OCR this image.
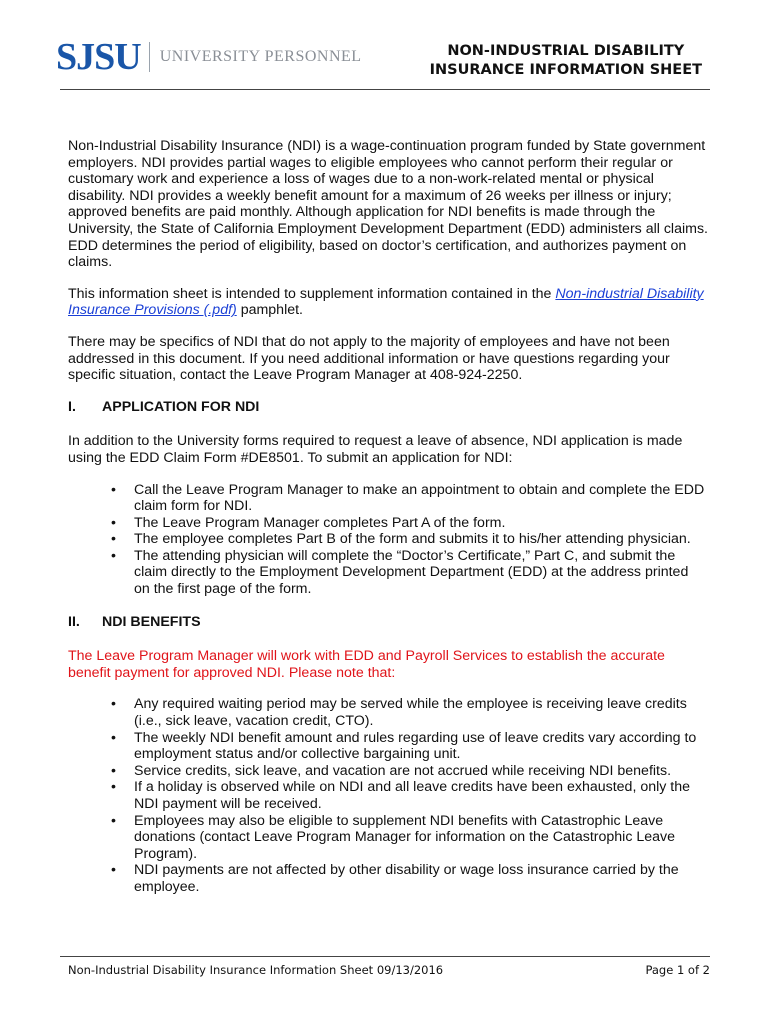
SJSU UNIVERSITY PERSONNEL	NON-INDUSTRIAL DISABILITY
INSURANCE INFORMATION SHEET

Non-Industrial Disability Insurance (NDI) is a wage-continuation program funded by State government employers. NDI provides partial wages to eligible employees who cannot perform their regular or customary work and experience a loss of wages due to a non-work-related mental or physical disability. NDI provides a weekly benefit amount for a maximum of 26 weeks per illness or injury; approved benefits are paid monthly. Although application for NDI benefits is made through the University, the State of California Employment Development Department (EDD) administers all claims. EDD determines the period of eligibility, based on doctor’s certification, and authorizes payment on claims.

This information sheet is intended to supplement information contained in the Non-industrial Disability Insurance Provisions (.pdf) pamphlet.

There may be specifics of NDI that do not apply to the majority of employees and have not been addressed in this document. If you need additional information or have questions regarding your specific situation, contact the Leave Program Manager at 408-924-2250.

I.	APPLICATION FOR NDI

In addition to the University forms required to request a leave of absence, NDI application is made using the EDD Claim Form #DE8501. To submit an application for NDI:

• Call the Leave Program Manager to make an appointment to obtain and complete the EDD claim form for NDI.
• The Leave Program Manager completes Part A of the form.
• The employee completes Part B of the form and submits it to his/her attending physician.
• The attending physician will complete the “Doctor’s Certificate,” Part C, and submit the claim directly to the Employment Development Department (EDD) at the address printed on the first page of the form.
II.	NDI BENEFITS

The Leave Program Manager will work with EDD and Payroll Services to establish the accurate benefit payment for approved NDI. Please note that:

• Any required waiting period may be served while the employee is receiving leave credits (i.e., sick leave, vacation credit, CTO).
• The weekly NDI benefit amount and rules regarding use of leave credits vary according to employment status and/or collective bargaining unit.
• Service credits, sick leave, and vacation are not accrued while receiving NDI benefits.
• If a holiday is observed while on NDI and all leave credits have been exhausted, only the NDI payment will be received.
• Employees may also be eligible to supplement NDI benefits with Catastrophic Leave donations (contact Leave Program Manager for information on the Catastrophic Leave Program).
• NDI payments are not affected by other disability or wage loss insurance carried by the employee.
Non-Industrial Disability Insurance Information Sheet 09/13/2016	Page 1 of 2
